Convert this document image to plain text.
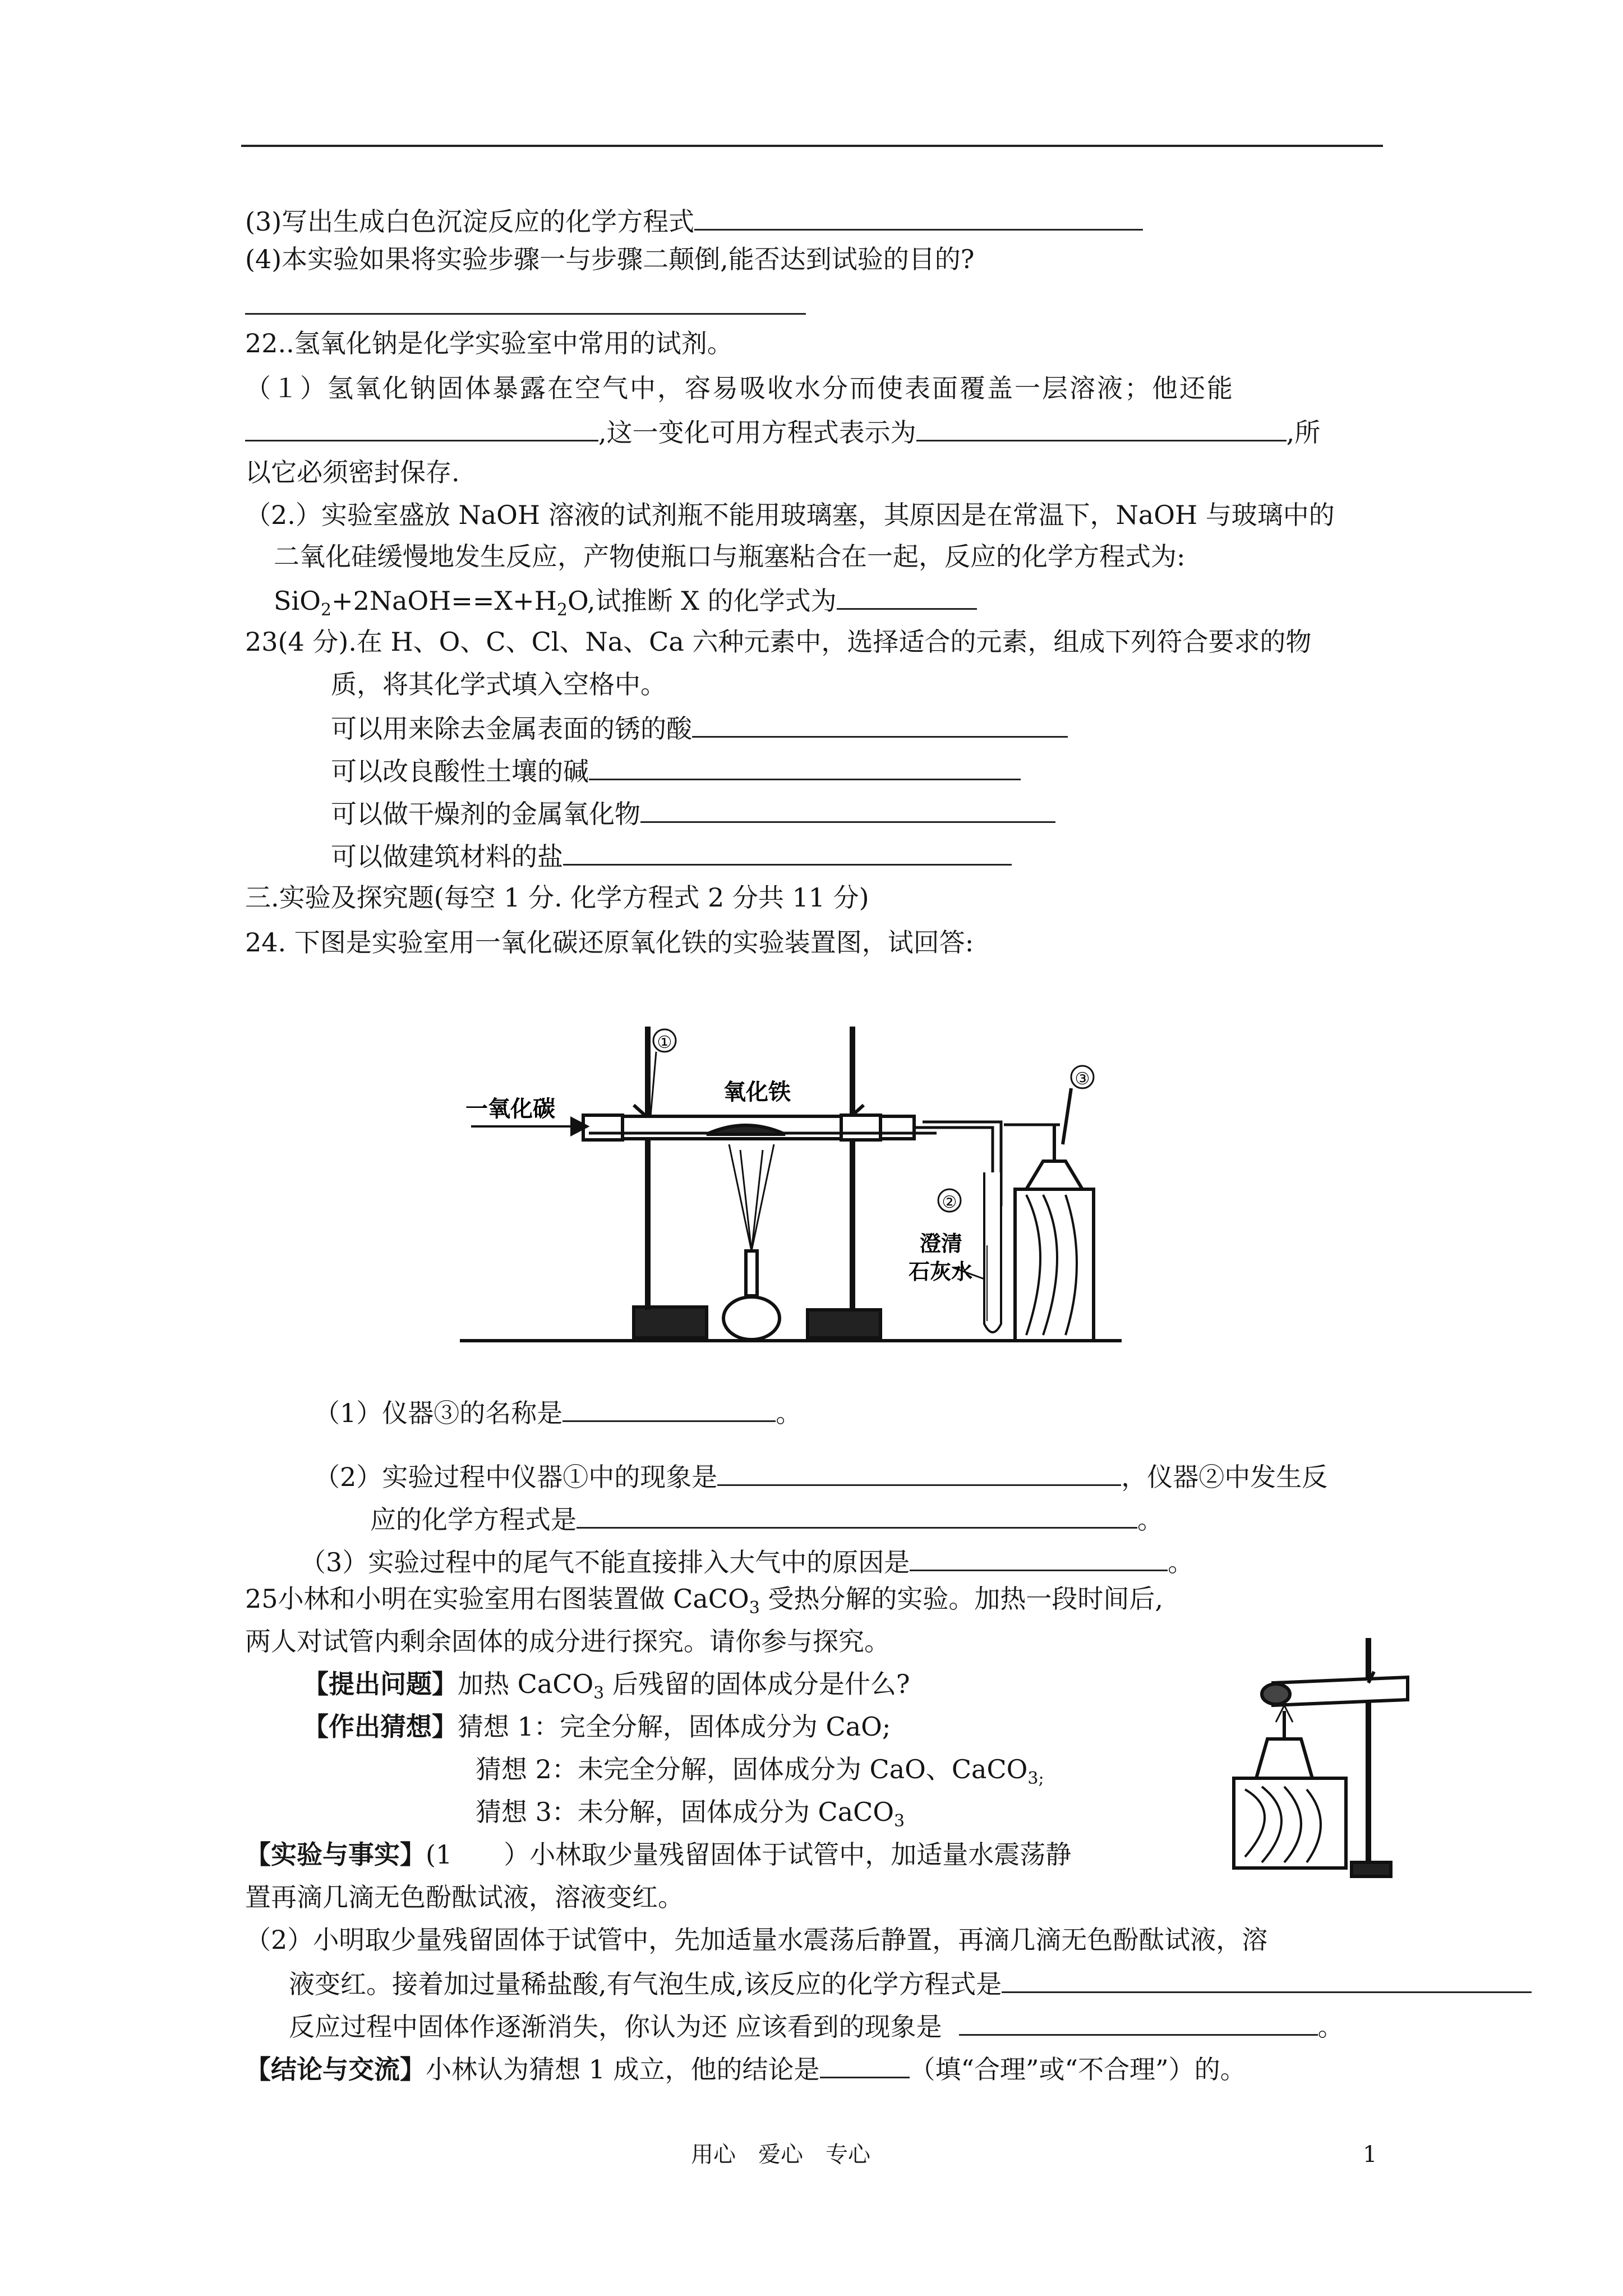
(3)写出生成白色沉淀反应的化学方程式
(4)本实验如果将实验步骤一与步骤二颠倒,能否达到试验的目的?
22..氢氧化钠是化学实验室中常用的试剂。
（１）氢氧化钠固体暴露在空气中，容易吸收水分而使表面覆盖一层溶液；他还能
,这一变化可用方程式表示为	,所
以它必须密封保存.
（2.）实验室盛放 NaOH 溶液的试剂瓶不能用玻璃塞，其原因是在常温下，NaOH 与玻璃中的
二氧化硅缓慢地发生反应，产物使瓶口与瓶塞粘合在一起，反应的化学方程式为:
$SiO_2+2NaOH==X+H_2O$,试推断 X 的化学式为
23(4 分).在 H、O、C、Cl、Na、Ca 六种元素中，选择适合的元素，组成下列符合要求的物
质，将其化学式填入空格中。
可以用来除去金属表面的锈的酸
可以改良酸性土壤的碱
可以做干燥剂的金属氧化物
可以做建筑材料的盐
三.实验及探究题(每空 1 分. 化学方程式 2 分共 11 分)
24. 下图是实验室用一氧化碳还原氧化铁的实验装置图，试回答:
①
②
③
一氧化碳
氧化铁
澄清
石灰水
（1）仪器③的名称是	。
（2）实验过程中仪器①中的现象是	，仪器②中发生反
应的化学方程式是	。
（3）实验过程中的尾气不能直接排入大气中的原因是	。
25小林和小明在实验室用右图装置做 CaCO$_3$ 受热分解的实验。加热一段时间后,
两人对试管内剩余固体的成分进行探究。请你参与探究。
【提出问题】加热 CaCO$_3$ 后残留的固体成分是什么?
【作出猜想】猜想 1：完全分解，固体成分为 CaO;
猜想 2：未完全分解，固体成分为 CaO、CaCO$_{3;}$
猜想 3：未分解，固体成分为 CaCO$_3$
【实验与事实】(1　　）小林取少量残留固体于试管中，加适量水震荡静
置再滴几滴无色酚酞试液，溶液变红。
（2）小明取少量残留固体于试管中，先加适量水震荡后静置，再滴几滴无色酚酞试液，溶
液变红。接着加过量稀盐酸,有气泡生成,该反应的化学方程式是
反应过程中固体作逐渐消失，你认为还 应该看到的现象是	。
【结论与交流】小林认为猜想 1 成立，他的结论是	（填“合理”或“不合理”）的。
用心　爱心　专心	1
